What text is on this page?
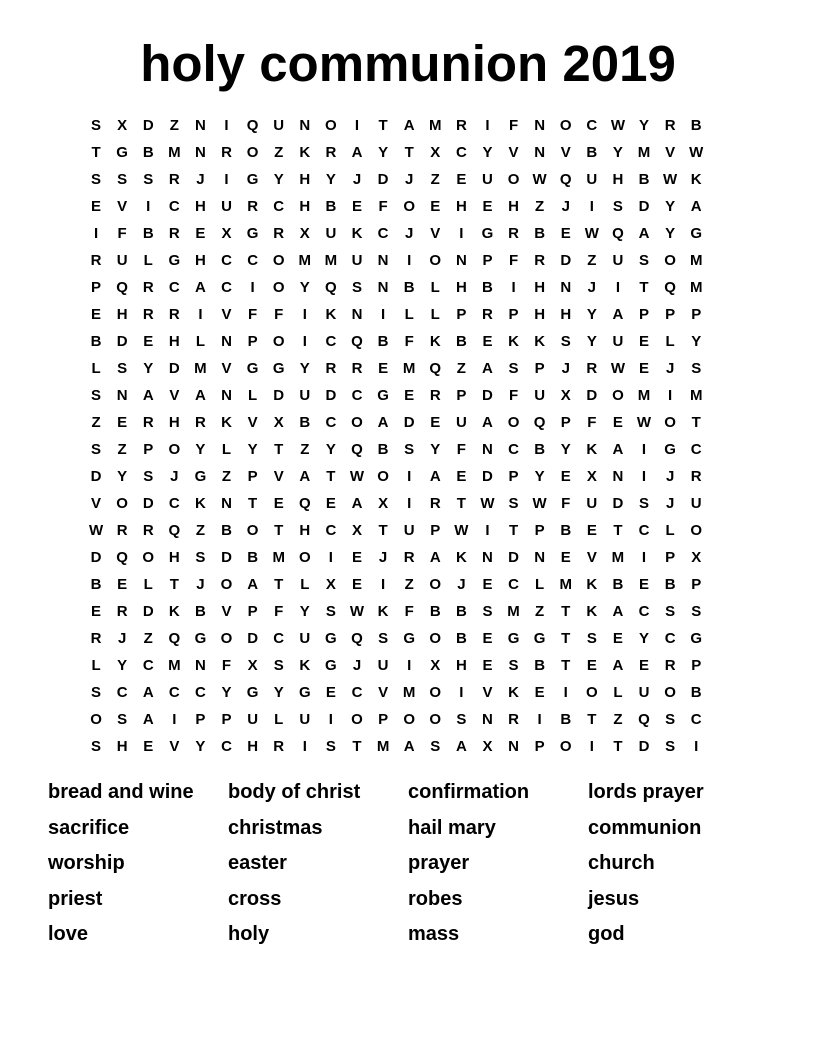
holy communion 2019
S	X	D	Z	N	I	Q U	N O	I	T	A M R	I	F	N O C W Y	R	B
T	G B M N	R O	Z	K	R	A	Y	T	X	C	Y	V	N	V	B	Y M V W
S	S	S	R	J	I	G	Y	H	Y	J	D	J	Z	E	U O W Q U	H	B W K
E	V	I	C	H	U	R	C	H	B	E	F	O	E	H	E	H	Z	J	I	S	D	Y	A
I	F	B	R	E	X	G R	X	U	K	C	J	V	I	G R	B	E W Q A	Y	G
R	U	L	G H	C	C O M M U	N	I	O N	P	F	R	D	Z	U	S	O M
P	Q R	C	A	C	I	O	Y	Q	S	N	B	L	H	B	I	H	N	J	I	T	Q M
E	H	R	R	I	V	F	F	I	K	N	I	L	L	P	R	P	H	H	Y	A	P	P	P
B	D	E	H	L	N	P	O	I	C Q B	F	K	B	E	K	K	S	Y	U	E	L	Y
L	S	Y	D M V	G G	Y	R	R	E M Q	Z	A	S	P	J	R W E	J	S
S	N	A	V	A	N	L	D	U	D	C G	E	R	P	D	F	U	X	D O M	I	M
Z	E	R	H	R	K	V	X	B	C O A	D	E	U	A O Q	P	F	E W O	T
S	Z	P	O	Y	L	Y	T	Z	Y	Q B	S	Y	F	N	C	B	Y	K	A	I	G C
D	Y	S	J	G	Z	P	V	A	T W O	I	A	E	D	P	Y	E	X	N	I	J	R
V	O D	C	K	N	T	E	Q	E	A	X	I	R	T W S W F	U	D	S	J	U
W R	R Q	Z	B O	T	H	C	X	T	U	P W	I	T	P	B	E	T	C	L	O
D Q O H	S	D	B M O	I	E	J	R	A	K	N	D	N	E	V M	I	P	X
B	E	L	T	J	O A	T	L	X	E	I	Z	O	J	E	C	L	M K	B	E	B	P
E	R	D	K	B	V	P	F	Y	S W K	F	B	B	S M	Z	T	K	A	C	S	S
R	J	Z	Q G O D	C	U G Q	S	G O B	E	G G	T	S	E	Y	C G
L	Y	C M N	F	X	S	K G	J	U	I	X	H	E	S	B	T	E	A	E	R	P
S	C	A	C	C	Y	G	Y	G	E	C	V M O	I	V	K	E	I	O	L	U O B
O	S	A	I	P	P	U	L	U	I	O	P	O O	S	N	R	I	B	T	Z	Q	S	C
S	H	E	V	Y	C	H	R	I	S	T	M A	S	A	X	N	P	O	I	T	D	S	I
bread and wine	body of christ	confirmation	lords prayer
sacrifice	christmas	hail mary	communion
worship	easter	prayer	church
priest	cross	robes	jesus
love	holy	mass	god
